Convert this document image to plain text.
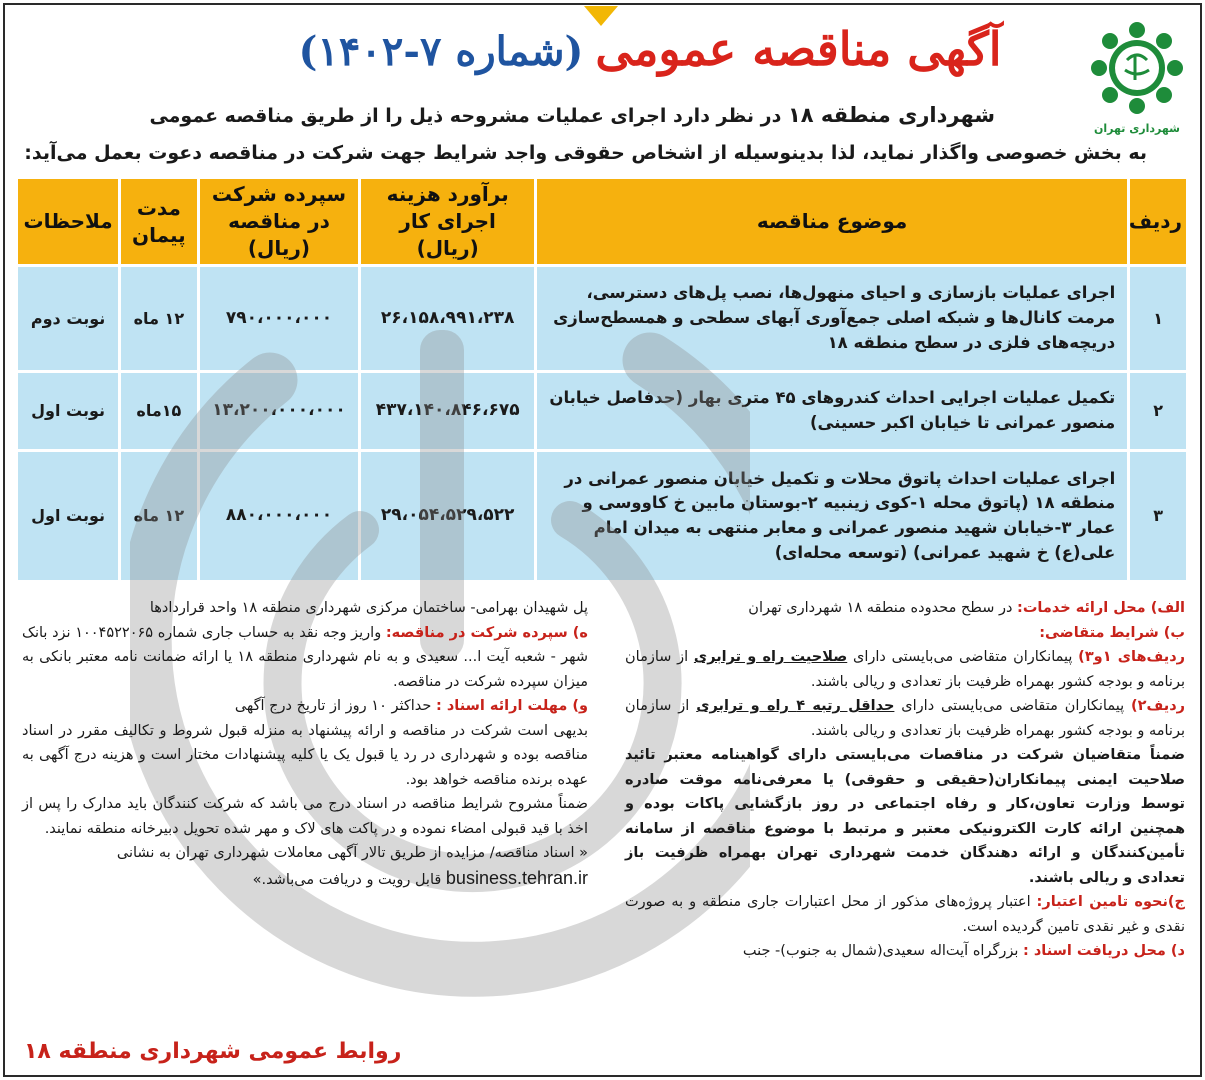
آگهی مناقصه عمومی(شماره ۷-۱۴۰۲)
شهرداری تهران
شهرداری منطقه ۱۸ در نظر دارد اجرای عملیات مشروحه ذیل را از طریق مناقصه عمومی
به بخش خصوصی واگذار نماید، لذا بدینوسیله از اشخاص حقوقی واجد شرایط جهت شرکت در مناقصه دعوت بعمل می‌آید:
ردیف	موضوع مناقصه	برآورد هزینه اجرای کار (ریال)	سپرده شرکت در مناقصه (ریال)	مدت پیمان	ملاحظات
۱	اجرای عملیات بازسازی و احیای منهول‌ها، نصب پل‌های دسترسی، مرمت کانال‌ها و شبکه اصلی جمع‌آوری آبهای سطحی و همسطح‌سازی دریچه‌های فلزی در سطح منطقه ۱۸	۲۶،۱۵۸،۹۹۱،۲۳۸	۷۹۰،۰۰۰،۰۰۰	۱۲ ماه	نوبت دوم
۲	تکمیل عملیات اجرایی احداث کندروهای ۴۵ متری بهار (حدفاصل خیابان منصور عمرانی تا خیابان اکبر حسینی)	۴۳۷،۱۴۰،۸۴۶،۶۷۵	۱۳،۲۰۰،۰۰۰،۰۰۰	۱۵ماه	نوبت اول
۳	اجرای عملیات احداث پاتوق محلات و تکمیل خیابان منصور عمرانی در منطقه ۱۸ (پاتوق محله ۱-کوی زینبیه ۲-بوستان مابین خ کاووسی و عمار ۳-خیابان شهید منصور عمرانی و معابر منتهی به میدان امام علی(ع) خ شهید عمرانی) (توسعه محله‌ای)	۲۹،۰۵۴،۵۲۹،۵۲۲	۸۸۰،۰۰۰،۰۰۰	۱۲ ماه	نوبت اول

الف) محل ارائه خدمات: در سطح محدوده منطقه ۱۸ شهرداری تهران

ب) شرایط متقاضی:

ردیف‌های ۱و۳) پیمانکاران متقاضی می‌بایستی دارای صلاحیت راه و ترابری از سازمان برنامه و بودجه کشور بهمراه ظرفیت باز تعدادی و ریالی باشند.

ردیف۲) پیمانکاران متقاضی می‌بایستی دارای حداقل رتبه ۴ راه و ترابری از سازمان برنامه و بودجه کشور بهمراه ظرفیت باز تعدادی و ریالی باشند.

ضمناً متقاضیان شرکت در مناقصات می‌بایستی دارای گواهینامه معتبر تائید صلاحیت ایمنی پیمانکاران(حقیقی و حقوقی) یا معرفی‌نامه موقت صادره توسط وزارت تعاون،کار و رفاه اجتماعی در روز بازگشایی پاکات بوده و همچنین ارائه کارت الکترونیکی معتبر و مرتبط با موضوع مناقصه از سامانه تأمین‌کنندگان و ارائه دهندگان خدمت شهرداری تهران بهمراه ظرفیت باز تعدادی و ریالی باشند.

ج)نحوه تامین اعتبار: اعتبار پروژه‌های مذکور از محل اعتبارات جاری منطقه و به صورت نقدی و غیر نقدی تامین گردیده است.

د) محل دریافت اسناد : بزرگراه آیت‌اله سعیدی(شمال به جنوب)- جنب

پل شهیدان بهرامی- ساختمان مرکزی شهرداری منطقه ۱۸ واحد قراردادها

ه) سپرده شرکت در مناقصه: واریز وجه نقد به حساب جاری شماره ۱۰۰۴۵۲۲۰۶۵ نزد بانک شهر - شعبه آیت ا... سعیدی و به نام شهرداری منطقه ۱۸ یا ارائه ضمانت نامه معتبر بانکی به میزان سپرده شرکت در مناقصه.

و) مهلت ارائه اسناد : حداکثر ۱۰ روز از تاریخ درج آگهی

بدیهی است شرکت در مناقصه و ارائه پیشنهاد به منزله قبول شروط و تکالیف مقرر در اسناد مناقصه بوده و شهرداری در رد یا قبول یک یا کلیه پیشنهادات مختار است و هزینه درج آگهی به عهده برنده مناقصه خواهد بود.

ضمناً مشروح شرایط مناقصه در اسناد درج می باشد که شرکت کنندگان باید مدارک را پس از اخذ با قید قبولی امضاء نموده و در پاکت های لاک و مهر شده تحویل دبیرخانه منطقه نمایند.

« اسناد مناقصه/ مزایده از طریق تالار آگهی معاملات شهرداری تهران به نشانی
business.tehran.ir قابل رویت و دریافت می‌باشد.»

روابط عمومی شهرداری منطقه ۱۸
